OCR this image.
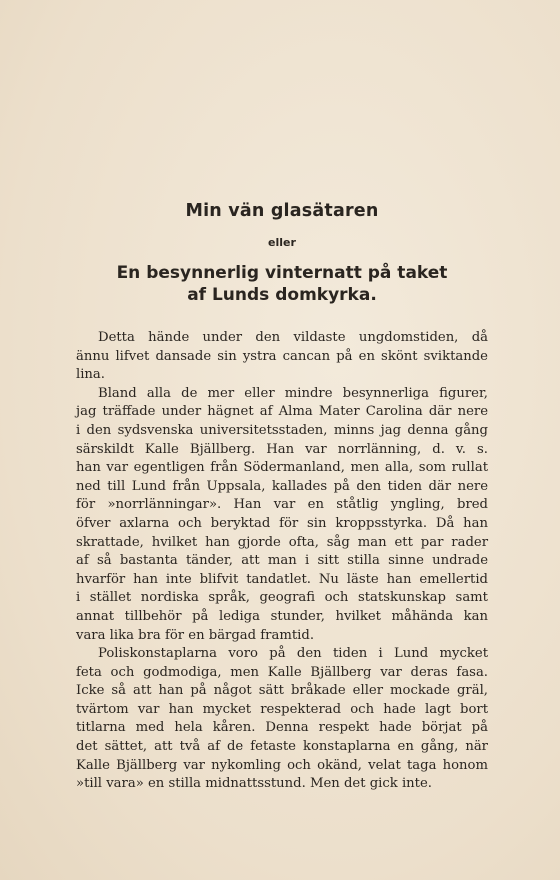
Min vän glasätaren
eller
En besynnerlig vinternatt på taket
af Lunds domkyrka.

Detta hände under den vildaste ungdomstiden, då
ännu lifvet dansade sin ystra cancan på en skönt sviktande
lina.

Bland alla de mer eller mindre besynnerliga figurer,
jag träffade under hägnet af Alma Mater Carolina där nere
i den sydsvenska universitetsstaden, minns jag denna gång
särskildt Kalle Bjällberg. Han var norrlänning, d. v. s.
han var egentligen från Södermanland, men alla, som rullat
ned till Lund från Uppsala, kallades på den tiden där nere
för »norrlänningar». Han var en ståtlig yngling, bred
öfver axlarna och beryktad för sin kroppsstyrka. Då han
skrattade, hvilket han gjorde ofta, såg man ett par rader
af så bastanta tänder, att man i sitt stilla sinne undrade
hvarför han inte blifvit tandatlet. Nu läste han emellertid
i stället nordiska språk, geografi och statskunskap samt
annat tillbehör på lediga stunder, hvilket måhända kan
vara lika bra för en bärgad framtid.

Poliskonstaplarna voro på den tiden i Lund mycket
feta och godmodiga, men Kalle Bjällberg var deras fasa.
Icke så att han på något sätt bråkade eller mockade gräl,
tvärtom var han mycket respekterad och hade lagt bort
titlarna med hela kåren. Denna respekt hade börjat på
det sättet, att två af de fetaste konstaplarna en gång, när
Kalle Bjällberg var nykomling och okänd, velat taga honom
»till vara» en stilla midnattsstund. Men det gick inte.
